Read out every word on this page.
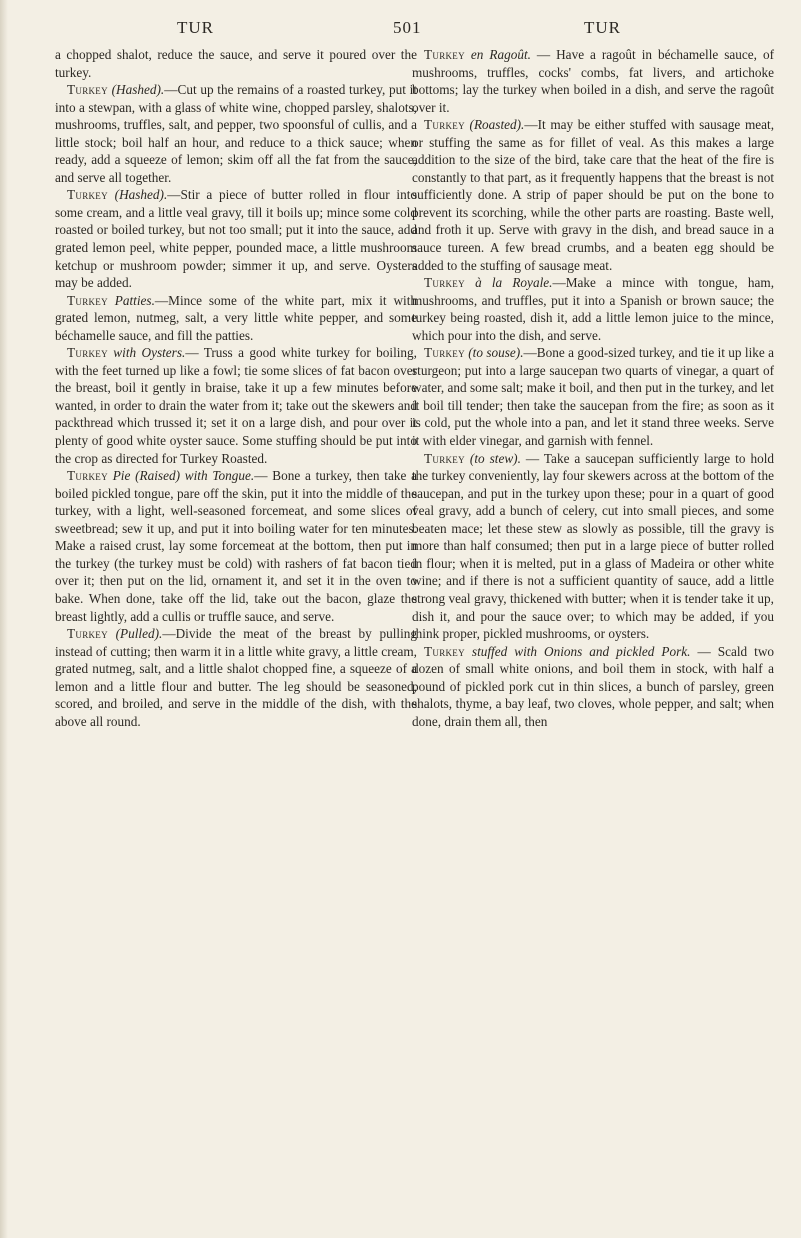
TUR	501	TUR

a chopped shalot, reduce the sauce, and serve it poured over the turkey.

Turkey (Hashed).—Cut up the remains of a roasted turkey, put it into a stewpan, with a glass of white wine, chopped parsley, shalots, mushrooms, truffles, salt, and pepper, two spoonsful of cullis, and a little stock; boil half an hour, and reduce to a thick sauce; when ready, add a squeeze of lemon; skim off all the fat from the sauce, and serve all together.

Turkey (Hashed).—Stir a piece of butter rolled in flour into some cream, and a little veal gravy, till it boils up; mince some cold roasted or boiled turkey, but not too small; put it into the sauce, add grated lemon peel, white pepper, pounded mace, a little mushroom ketchup or mushroom powder; simmer it up, and serve. Oysters may be added.

Turkey Patties.—Mince some of the white part, mix it with grated lemon, nutmeg, salt, a very little white pepper, and some béchamelle sauce, and fill the patties.

Turkey with Oysters.— Truss a good white turkey for boiling, with the feet turned up like a fowl; tie some slices of fat bacon over the breast, boil it gently in braise, take it up a few minutes before wanted, in order to drain the water from it; take out the skewers and packthread which trussed it; set it on a large dish, and pour over it plenty of good white oyster sauce. Some stuffing should be put into the crop as directed for Turkey Roasted.

Turkey Pie (Raised) with Tongue.— Bone a turkey, then take a boiled pickled tongue, pare off the skin, put it into the middle of the turkey, with a light, well-seasoned forcemeat, and some slices of sweetbread; sew it up, and put it into boiling water for ten minutes. Make a raised crust, lay some forcemeat at the bottom, then put in the turkey (the turkey must be cold) with rashers of fat bacon tied over it; then put on the lid, ornament it, and set it in the oven to bake. When done, take off the lid, take out the bacon, glaze the breast lightly, add a cullis or truffle sauce, and serve.

Turkey (Pulled).—Divide the meat of the breast by pulling instead of cutting; then warm it in a little white gravy, a little cream, grated nutmeg, salt, and a little shalot chopped fine, a squeeze of a lemon and a little flour and butter. The leg should be seasoned, scored, and broiled, and serve in the middle of the dish, with the above all round.

Turkey en Ragoût. — Have a ragoût in béchamelle sauce, of mushrooms, truffles, cocks' combs, fat livers, and artichoke bottoms; lay the turkey when boiled in a dish, and serve the ragoût over it.

Turkey (Roasted).—It may be either stuffed with sausage meat, or stuffing the same as for fillet of veal. As this makes a large addition to the size of the bird, take care that the heat of the fire is constantly to that part, as it frequently happens that the breast is not sufficiently done. A strip of paper should be put on the bone to prevent its scorching, while the other parts are roasting. Baste well, and froth it up. Serve with gravy in the dish, and bread sauce in a sauce tureen. A few bread crumbs, and a beaten egg should be added to the stuffing of sausage meat.

Turkey à la Royale.—Make a mince with tongue, ham, mushrooms, and truffles, put it into a Spanish or brown sauce; the turkey being roasted, dish it, add a little lemon juice to the mince, which pour into the dish, and serve.

Turkey (to souse).—Bone a good-sized turkey, and tie it up like a sturgeon; put into a large saucepan two quarts of vinegar, a quart of water, and some salt; make it boil, and then put in the turkey, and let it boil till tender; then take the saucepan from the fire; as soon as it is cold, put the whole into a pan, and let it stand three weeks. Serve it with elder vinegar, and garnish with fennel.

Turkey (to stew). — Take a saucepan sufficiently large to hold the turkey conveniently, lay four skewers across at the bottom of the saucepan, and put in the turkey upon these; pour in a quart of good veal gravy, add a bunch of celery, cut into small pieces, and some beaten mace; let these stew as slowly as possible, till the gravy is more than half consumed; then put in a large piece of butter rolled in flour; when it is melted, put in a glass of Madeira or other white wine; and if there is not a sufficient quantity of sauce, add a little strong veal gravy, thickened with butter; when it is tender take it up, dish it, and pour the sauce over; to which may be added, if you think proper, pickled mushrooms, or oysters.

Turkey stuffed with Onions and pickled Pork. — Scald two dozen of small white onions, and boil them in stock, with half a pound of pickled pork cut in thin slices, a bunch of parsley, green shalots, thyme, a bay leaf, two cloves, whole pepper, and salt; when done, drain them all, then
